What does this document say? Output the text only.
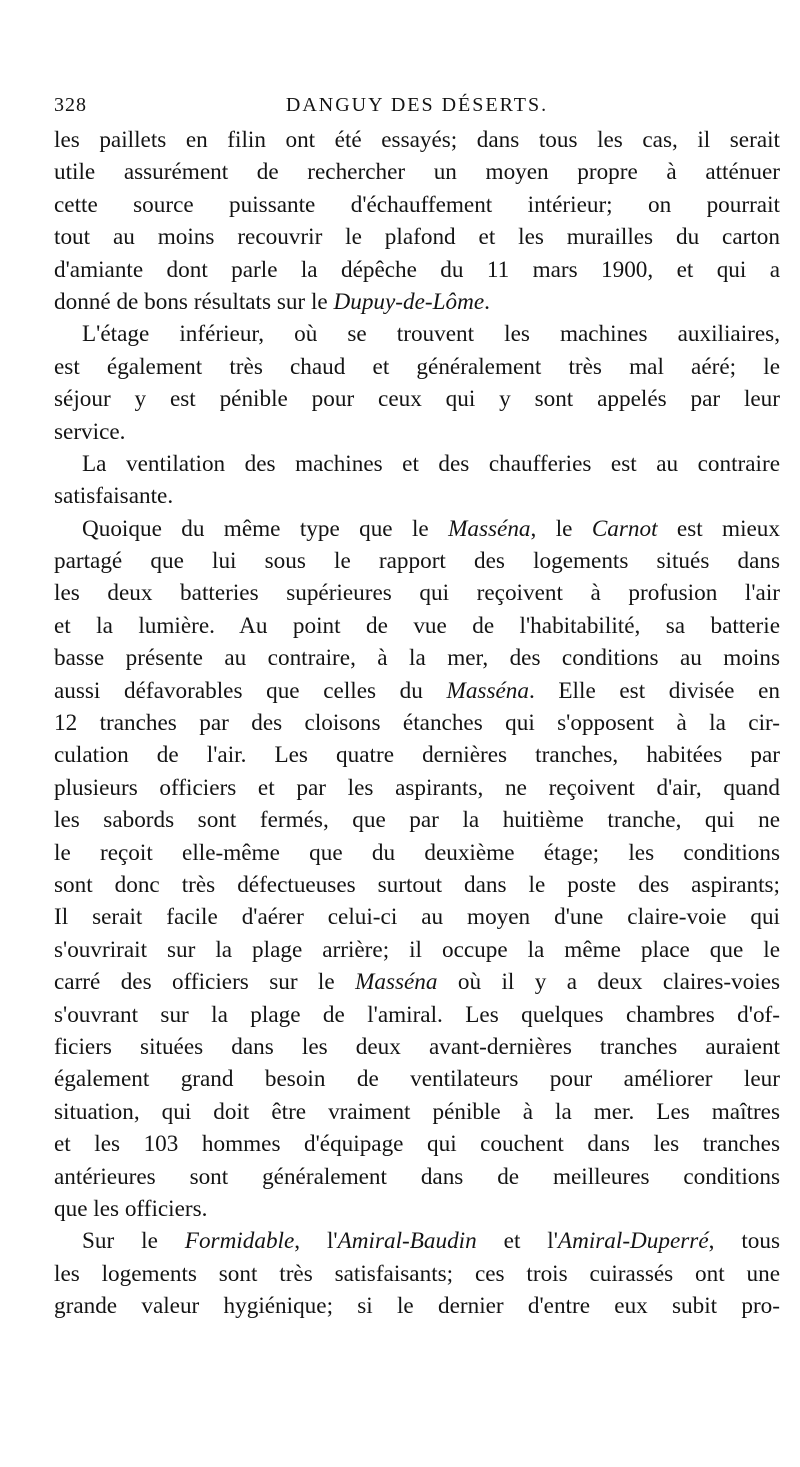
328	DANGUY DES DÉSERTS.
les paillets en filin ont été essayés; dans tous les cas, il serait
utile assurément de rechercher un moyen propre à atténuer
cette source puissante d'échauffement intérieur; on pourrait
tout au moins recouvrir le plafond et les murailles du carton
d'amiante dont parle la dépêche du 11 mars 1900, et qui a
donné de bons résultats sur le Dupuy-de-Lôme.
L'étage inférieur, où se trouvent les machines auxiliaires,
est également très chaud et généralement très mal aéré; le
séjour y est pénible pour ceux qui y sont appelés par leur
service.
La ventilation des machines et des chaufferies est au contraire
satisfaisante.
Quoique du même type que le Masséna, le Carnot est mieux
partagé que lui sous le rapport des logements situés dans
les deux batteries supérieures qui reçoivent à profusion l'air
et la lumière. Au point de vue de l'habitabilité, sa batterie
basse présente au contraire, à la mer, des conditions au moins
aussi défavorables que celles du Masséna. Elle est divisée en
12 tranches par des cloisons étanches qui s'opposent à la cir-
culation de l'air. Les quatre dernières tranches, habitées par
plusieurs officiers et par les aspirants, ne reçoivent d'air, quand
les sabords sont fermés, que par la huitième tranche, qui ne
le reçoit elle-même que du deuxième étage; les conditions
sont donc très défectueuses surtout dans le poste des aspirants;
Il serait facile d'aérer celui-ci au moyen d'une claire-voie qui
s'ouvrirait sur la plage arrière; il occupe la même place que le
carré des officiers sur le Masséna où il y a deux claires-voies
s'ouvrant sur la plage de l'amiral. Les quelques chambres d'of-
ficiers situées dans les deux avant-dernières tranches auraient
également grand besoin de ventilateurs pour améliorer leur
situation, qui doit être vraiment pénible à la mer. Les maîtres
et les 103 hommes d'équipage qui couchent dans les tranches
antérieures sont généralement dans de meilleures conditions
que les officiers.
Sur le Formidable, l'Amiral-Baudin et l'Amiral-Duperré, tous
les logements sont très satisfaisants; ces trois cuirassés ont une
grande valeur hygiénique; si le dernier d'entre eux subit pro-
